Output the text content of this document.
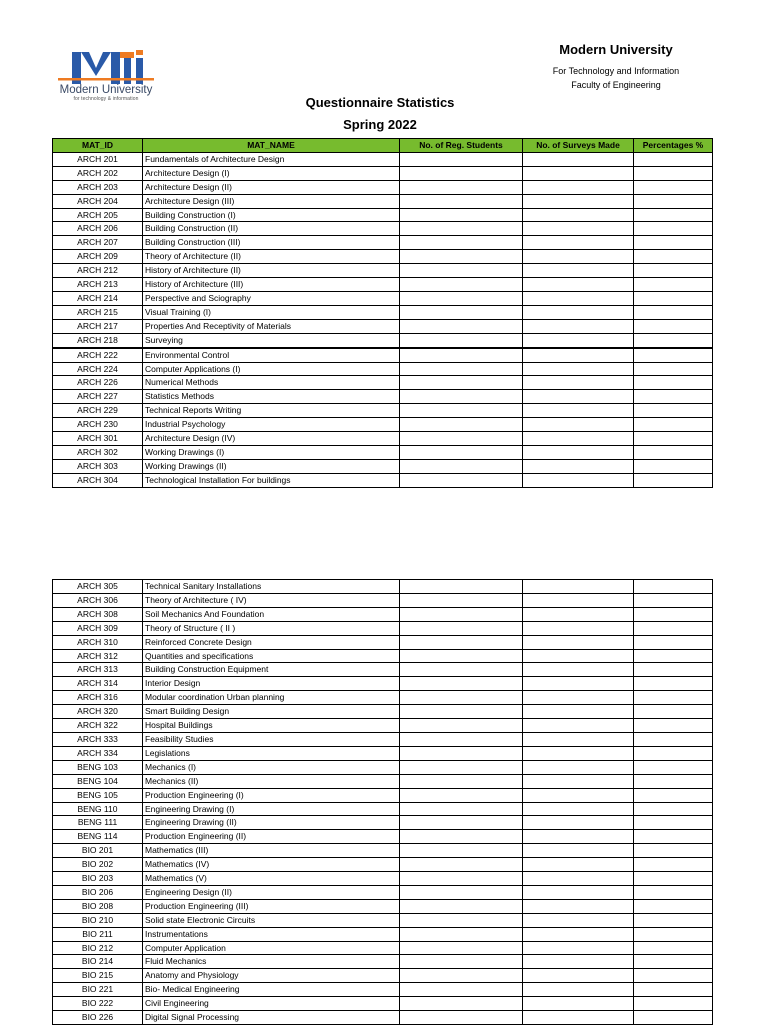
Modern University
for technology & information
Modern University
For Technology and Information
Faculty of Engineering
Questionnaire Statistics
Spring 2022
MAT_ID	MAT_NAME	No. of Reg. Students	No. of Surveys Made	Percentages %
ARCH 201	Fundamentals of Architecture Design			
ARCH 202	Architecture Design (I)			
ARCH 203	Architecture Design (II)			
ARCH 204	Architecture Design (III)			
ARCH 205	Building Construction (I)			
ARCH 206	Building Construction (II)			
ARCH 207	Building Construction (III)			
ARCH 209	Theory of Architecture (II)			
ARCH 212	History of Architecture (II)			
ARCH 213	History of Architecture (III)			
ARCH 214	Perspective and Sciography			
ARCH 215	Visual Training (I)			
ARCH 217	Properties And Receptivity of Materials			
ARCH 218	Surveying			
ARCH 222	Environmental Control			
ARCH 224	Computer Applications (I)			
ARCH 226	Numerical Methods			
ARCH 227	Statistics Methods			
ARCH 229	Technical Reports Writing			
ARCH 230	Industrial Psychology			
ARCH 301	Architecture Design (IV)			
ARCH 302	Working Drawings (I)			
ARCH 303	Working Drawings (II)			
ARCH 304	Technological Installation For buildings			
ARCH 305	Technical Sanitary Installations			
ARCH 306	Theory of Architecture ( IV)			
ARCH 308	Soil Mechanics And Foundation			
ARCH 309	Theory of Structure ( II )			
ARCH 310	Reinforced Concrete Design			
ARCH 312	Quantities and specifications			
ARCH 313	Building Construction Equipment			
ARCH 314	Interior Design			
ARCH 316	Modular coordination Urban planning			
ARCH 320	Smart Building Design			
ARCH 322	Hospital Buildings			
ARCH 333	Feasibility Studies			
ARCH 334	Legislations			
BENG 103	Mechanics (I)			
BENG 104	Mechanics (II)			
BENG 105	Production Engineering (I)			
BENG 110	Engineering Drawing (I)			
BENG 111	Engineering Drawing (II)			
BENG 114	Production Engineering (II)			
BIO 201	Mathematics (III)			
BIO 202	Mathematics (IV)			
BIO 203	Mathematics (V)			
BIO 206	Engineering Design (II)			
BIO 208	Production Engineering (III)			
BIO 210	Solid state Electronic Circuits			
BIO 211	Instrumentations			
BIO 212	Computer Application			
BIO 214	Fluid Mechanics			
BIO 215	Anatomy and Physiology			
BIO 221	Bio- Medical Engineering			
BIO 222	Civil Engineering			
BIO 226	Digital Signal Processing			
